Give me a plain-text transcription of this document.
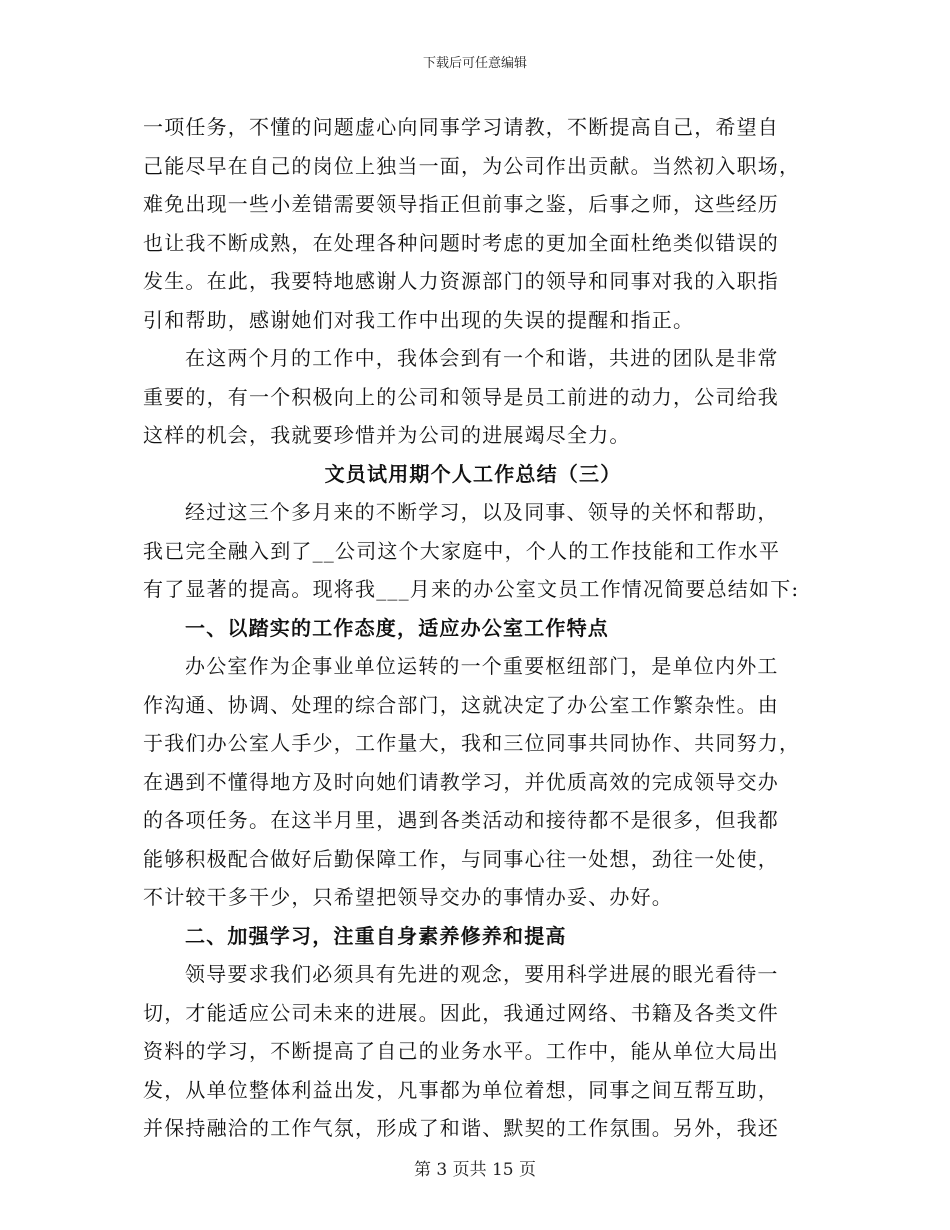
下载后可任意编辑
一项任务，不懂的问题虚心向同事学习请教，不断提高自己，希望自
己能尽早在自己的岗位上独当一面，为公司作出贡献。当然初入职场，
难免出现一些小差错需要领导指正但前事之鉴，后事之师，这些经历
也让我不断成熟，在处理各种问题时考虑的更加全面杜绝类似错误的
发生。在此，我要特地感谢人力资源部门的领导和同事对我的入职指
引和帮助，感谢她们对我工作中出现的失误的提醒和指正。
在这两个月的工作中，我体会到有一个和谐，共进的团队是非常
重要的，有一个积极向上的公司和领导是员工前进的动力，公司给我
这样的机会，我就要珍惜并为公司的进展竭尽全力。
文员试用期个人工作总结（三）
经过这三个多月来的不断学习，以及同事、领导的关怀和帮助，
我已完全融入到了__公司这个大家庭中，个人的工作技能和工作水平
有了显著的提高。现将我___月来的办公室文员工作情况简要总结如下:
一、以踏实的工作态度，适应办公室工作特点
办公室作为企事业单位运转的一个重要枢纽部门，是单位内外工
作沟通、协调、处理的综合部门，这就决定了办公室工作繁杂性。由
于我们办公室人手少，工作量大，我和三位同事共同协作、共同努力，
在遇到不懂得地方及时向她们请教学习，并优质高效的完成领导交办
的各项任务。在这半月里，遇到各类活动和接待都不是很多，但我都
能够积极配合做好后勤保障工作，与同事心往一处想，劲往一处使，
不计较干多干少，只希望把领导交办的事情办妥、办好。
二、加强学习，注重自身素养修养和提高
领导要求我们必须具有先进的观念，要用科学进展的眼光看待一
切，才能适应公司未来的进展。因此，我通过网络、书籍及各类文件
资料的学习，不断提高了自己的业务水平。工作中，能从单位大局出
发，从单位整体利益出发，凡事都为单位着想，同事之间互帮互助，
并保持融洽的工作气氛，形成了和谐、默契的工作氛围。另外，我还
第 3 页共 15 页
